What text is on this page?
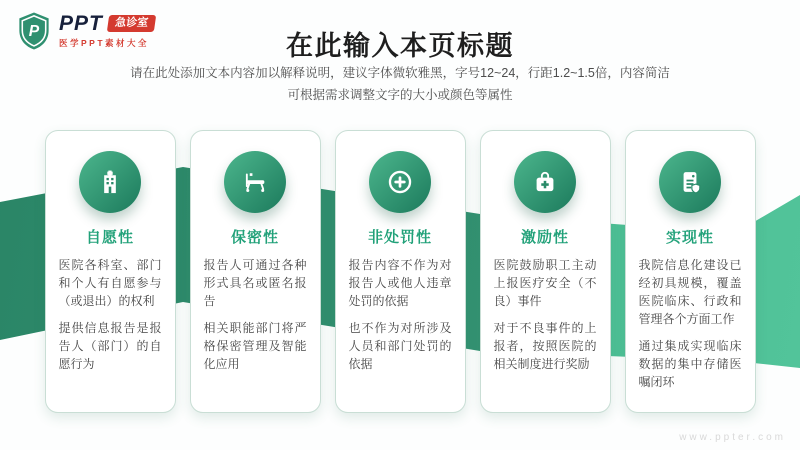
P PPT	急诊室
医学PPT素材大全	在此输入本页标题
请在此处添加文本内容加以解释说明，建议字体微软雅黑，字号12~24，行距1.2~1.5倍，内容简洁
可根据需求调整文字的大小或颜色等属性
自愿性

医院各科室、部门和个人有自愿参与（或退出）的权利

提供信息报告是报告人（部门）的自愿行为

保密性

报告人可通过各种形式具名或匿名报告

相关职能部门将严格保密管理及智能化应用

非处罚性

报告内容不作为对报告人或他人违章处罚的依据

也不作为对所涉及人员和部门处罚的依据

激励性

医院鼓励职工主动上报医疗安全（不良）事件

对于不良事件的上报者，按照医院的相关制度进行奖励

实现性

我院信息化建设已经初具规模，覆盖医院临床、行政和管理各个方面工作

通过集成实现临床数据的集中存储医嘱闭环

www.ppter.com
